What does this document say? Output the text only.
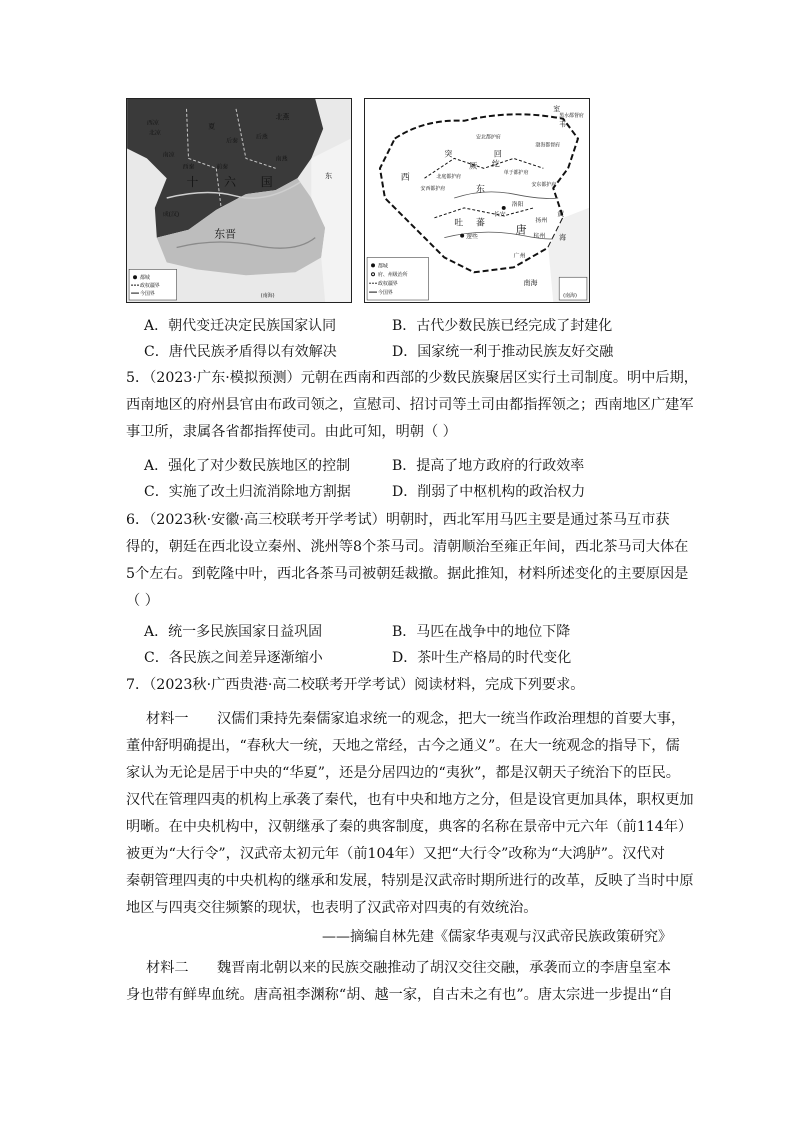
北燕
西凉
北凉
南凉
夏
后秦
西秦
后燕
南燕
前秦
十 六 国
东晋
成(汉)
东
都城
政权疆界
今国界	(南海)
回
纥
突
厥
室
韦
黑水都督府
渤海都督府
安北都护府
单于都护府
北庭都护府
安西都护府
安东都护府
西
东
吐 蕃
逻些
长安
洛阳
扬州
杭州
广州
唐
海
南海
黄
都城
府、州级治所
政权疆界
今国界	(南海)
A．朝代变迁决定民族国家认同	B．古代少数民族已经完成了封建化
C．唐代民族矛盾得以有效解决	D．国家统一利于推动民族友好交融
5．（2023·广东·模拟预测）元朝在西南和西部的少数民族聚居区实行土司制度。明中后期，
西南地区的府州县官由布政司领之，宣慰司、招讨司等土司由都指挥领之；西南地区广建军
事卫所，隶属各省都指挥使司。由此可知，明朝（ ）
A．强化了对少数民族地区的控制	B．提高了地方政府的行政效率
C．实施了改土归流消除地方割据	D．削弱了中枢机构的政治权力
6．（2023秋·安徽·高三校联考开学考试）明朝时，西北军用马匹主要是通过茶马互市获
得的，朝廷在西北设立秦州、洮州等8个茶马司。清朝顺治至雍正年间，西北茶马司大体在
5个左右。到乾隆中叶，西北各茶马司被朝廷裁撤。据此推知，材料所述变化的主要原因是
（ ）
A．统一多民族国家日益巩固	B．马匹在战争中的地位下降
C．各民族之间差异逐渐缩小	D．茶叶生产格局的时代变化
7．（2023秋·广西贵港·高二校联考开学考试）阅读材料，完成下列要求。
材料一　　汉儒们秉持先秦儒家追求统一的观念，把大一统当作政治理想的首要大事，
董仲舒明确提出，“春秋大一统，天地之常经，古今之通义”。在大一统观念的指导下，儒
家认为无论是居于中央的“华夏”，还是分居四边的“夷狄”，都是汉朝天子统治下的臣民。
汉代在管理四夷的机构上承袭了秦代，也有中央和地方之分，但是设官更加具体，职权更加
明晰。在中央机构中，汉朝继承了秦的典客制度，典客的名称在景帝中元六年（前114年）
被更为“大行令”，汉武帝太初元年（前104年）又把“大行令”改称为“大鸿胪”。汉代对
秦朝管理四夷的中央机构的继承和发展，特别是汉武帝时期所进行的改革，反映了当时中原
地区与四夷交往频繁的现状，也表明了汉武帝对四夷的有效统治。
——摘编自林先建《儒家华夷观与汉武帝民族政策研究》
材料二　　魏晋南北朝以来的民族交融推动了胡汉交往交融，承袭而立的李唐皇室本
身也带有鲜卑血统。唐高祖李渊称“胡、越一家，自古未之有也”。唐太宗进一步提出“自
